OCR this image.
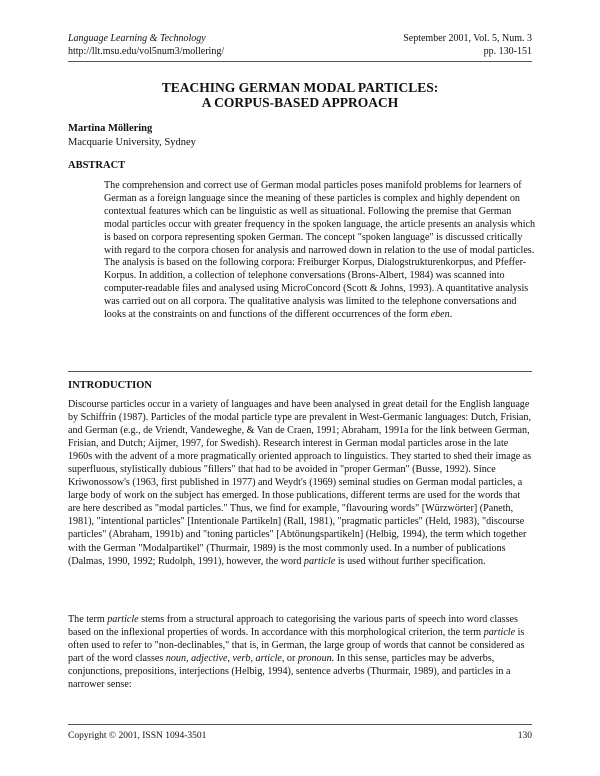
Language Learning & Technology	September 2001, Vol. 5, Num. 3
http://llt.msu.edu/vol5num3/mollering/	pp. 130-151
TEACHING GERMAN MODAL PARTICLES:
A CORPUS-BASED APPROACH
Martina Möllering
Macquarie University, Sydney
ABSTRACT
The comprehension and correct use of German modal particles poses manifold problems for learners of German as a foreign language since the meaning of these particles is complex and highly dependent on contextual features which can be linguistic as well as situational. Following the premise that German modal particles occur with greater frequency in the spoken language, the article presents an analysis which is based on corpora representing spoken German. The concept "spoken language" is discussed critically with regard to the corpora chosen for analysis and narrowed down in relation to the use of modal particles. The analysis is based on the following corpora: Freiburger Korpus, Dialogstrukturenkorpus, and Pfeffer-Korpus. In addition, a collection of telephone conversations (Brons-Albert, 1984) was scanned into computer-readable files and analysed using MicroConcord (Scott & Johns, 1993). A quantitative analysis was carried out on all corpora. The qualitative analysis was limited to the telephone conversations and looks at the constraints on and functions of the different occurrences of the form eben.
INTRODUCTION
Discourse particles occur in a variety of languages and have been analysed in great detail for the English language by Schiffrin (1987). Particles of the modal particle type are prevalent in West-Germanic languages: Dutch, Frisian, and German (e.g., de Vriendt, Vandeweghe, & Van de Craen, 1991; Abraham, 1991a for the link between German, Frisian, and Dutch; Aijmer, 1997, for Swedish). Research interest in German modal particles arose in the late 1960s with the advent of a more pragmatically oriented approach to linguistics. They started to shed their image as superfluous, stylistically dubious "fillers" that had to be avoided in "proper German" (Busse, 1992). Since Kriwonossow's (1963, first published in 1977) and Weydt's (1969) seminal studies on German modal particles, a large body of work on the subject has emerged. In those publications, different terms are used for the words that are here described as "modal particles." Thus, we find for example, "flavouring words" [Würzwörter] (Paneth, 1981), "intentional particles" [Intentionale Partikeln] (Rall, 1981), "pragmatic particles" (Held, 1983), "discourse particles" (Abraham, 1991b) and "toning particles" [Abtönungspartikeln] (Helbig, 1994), the term which together with the German "Modalpartikel" (Thurmair, 1989) is the most commonly used. In a number of publications (Dalmas, 1990, 1992; Rudolph, 1991), however, the word particle is used without further specification.
The term particle stems from a structural approach to categorising the various parts of speech into word classes based on the inflexional properties of words. In accordance with this morphological criterion, the term particle is often used to refer to "non-declinables," that is, in German, the large group of words that cannot be considered as part of the word classes noun, adjective, verb, article, or pronoun. In this sense, particles may be adverbs, conjunctions, prepositions, interjections (Helbig, 1994), sentence adverbs (Thurmair, 1989), and particles in a narrower sense:
Copyright © 2001, ISSN 1094-3501	130
